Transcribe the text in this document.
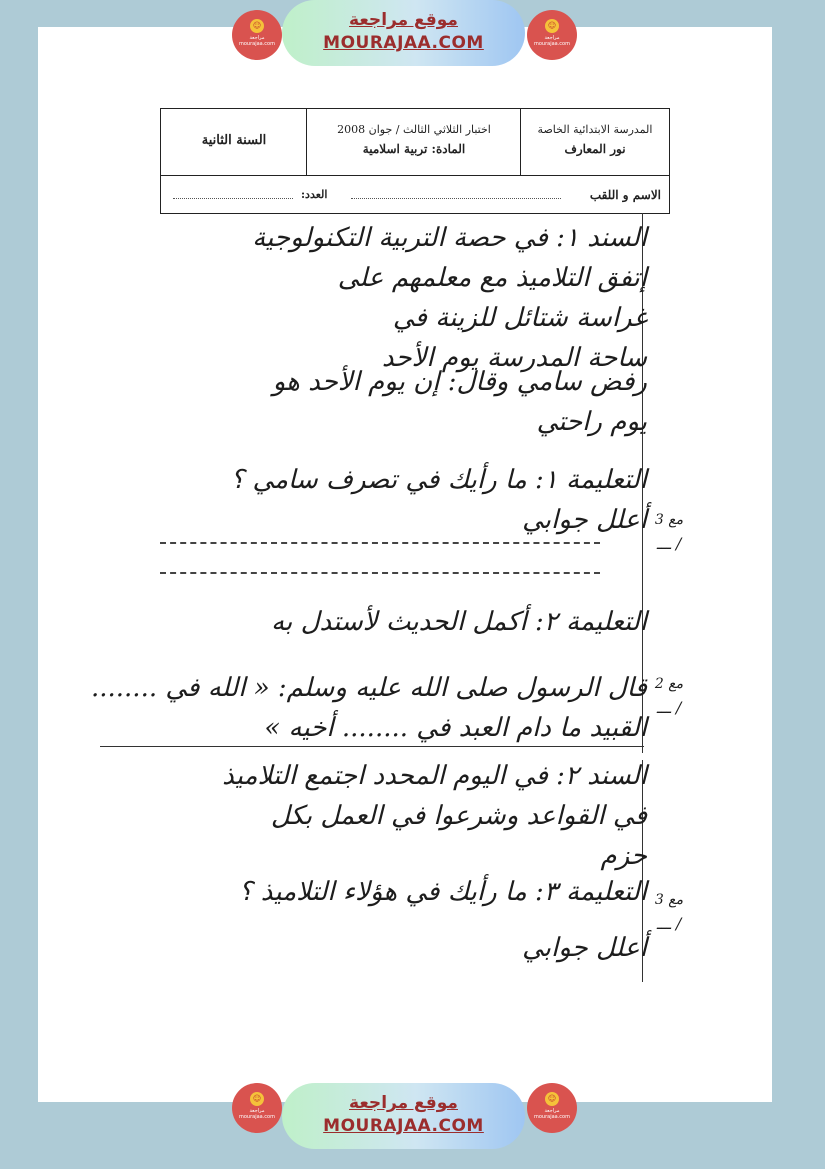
☺
مراجعة mourajaa.com
موقع مراجعة
MOURAJAA.COM
☺
مراجعة mourajaa.com
المدرسة الابتدائية الخاصة
نور المعارف
اختبار الثلاثي الثالث / جوان 2008
المادة: تربية اسلامية
السنة الثانية
الاسم و اللقب
العدد:
السند ١: في حصة التربية التكنولوجية
إتفق التلاميذ مع معلمهم على
غراسة شتائل للزينة في
ساحة المدرسة يوم الأحد
رفض سامي وقال: إن يوم الأحد هو
يوم راحتي
التعليمة ١: ما رأيك في تصرف سامي ؟
أعلل جوابي
التعليمة ٢: أكمل الحديث لأستدل به
قال الرسول صلى الله عليه وسلم: « الله في ........
القبيد ما دام العبد في ........ أخيه »
السند ٢: في اليوم المحدد اجتمع التلاميذ
في القواعد وشرعوا في العمل بكل
حزم
التعليمة ٣: ما رأيك في هؤلاء التلاميذ ؟
أعلل جوابي
مع 3
/ ـــ
مع 2
/ ـــ
مع 3
/ ـــ
☺
مراجعة mourajaa.com
موقع مراجعة
MOURAJAA.COM
☺
مراجعة mourajaa.com
